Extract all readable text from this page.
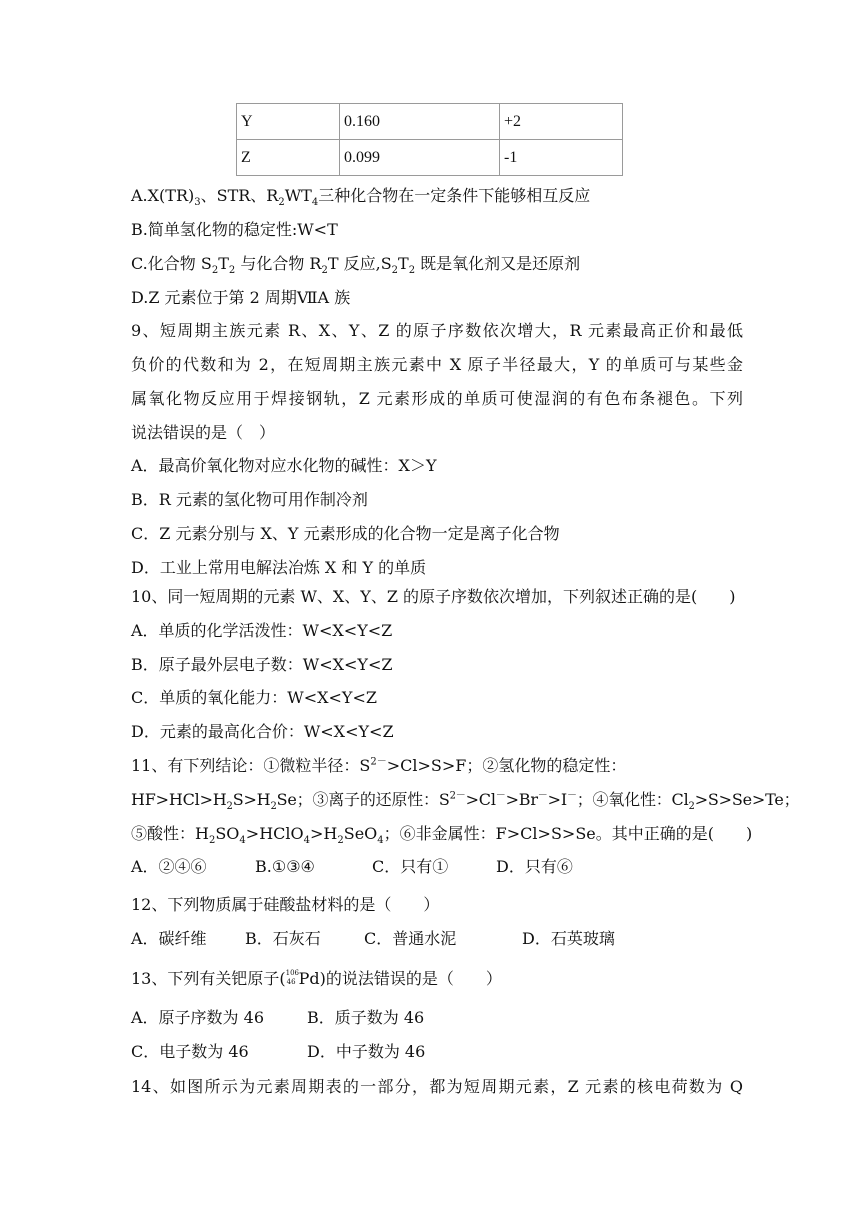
Y	0.160	+2
Z	0.099	-1
$A.X(TR)_3$、STR、$R_2WT_4$三种化合物在一定条件下能够相互反应
B.简单氢化物的稳定性:W<T
C.化合物 $S_2T_2$ 与化合物 $R_2T$ 反应$,S_2T_2$ 既是氧化剂又是还原剂
D.Z 元素位于第 2 周期ⅦA 族
9、短周期主族元素 R、X、Y、Z 的原子序数依次增大，R 元素最高正价和最低
负价的代数和为 2，在短周期主族元素中 X 原子半径最大，Y 的单质可与某些金
属氧化物反应用于焊接钢轨，Z 元素形成的单质可使湿润的有色布条褪色。下列
说法错误的是（　）
A．最高价氧化物对应水化物的碱性：X＞Y
B．R 元素的氢化物可用作制冷剂
C．Z 元素分别与 X、Y 元素形成的化合物一定是离子化合物
D．工业上常用电解法冶炼 X 和 Y 的单质
10、同一短周期的元素 W、X、Y、Z 的原子序数依次增加，下列叙述正确的是(　　)
A．单质的化学活泼性：W<X<Y<Z
B．原子最外层电子数：W<X<Y<Z
C．单质的氧化能力：W<X<Y<Z
D．元素的最高化合价：W<X<Y<Z
11、有下列结论：①微粒半径：$S^{2-}>Cl>S>F$；②氢化物的稳定性：
$HF>HCl>H_2S>H_2Se$；③离子的还原性：$S^{2-}>Cl^->Br^->I^-$；④氧化性：$Cl_2>S>Se>Te$；
⑤酸性：$H_2SO_4>HClO_4>H_2SeO_4$；⑥非金属性：F>Cl>S>Se。其中正确的是(　　)
A．②④⑥	B.①③④	C．只有①	D．只有⑥
12、下列物质属于硅酸盐材料的是（　　）
A．碳纤维 B．石灰石	C．普通水泥	D．石英玻璃
13、下列有关钯原子( 106
46 Pd)的说法错误的是（　　）
A．原子序数为 46	B．质子数为 46
C．电子数为 46	D．中子数为 46
14、如图所示为元素周期表的一部分，都为短周期元素，Z 元素的核电荷数为 Q
